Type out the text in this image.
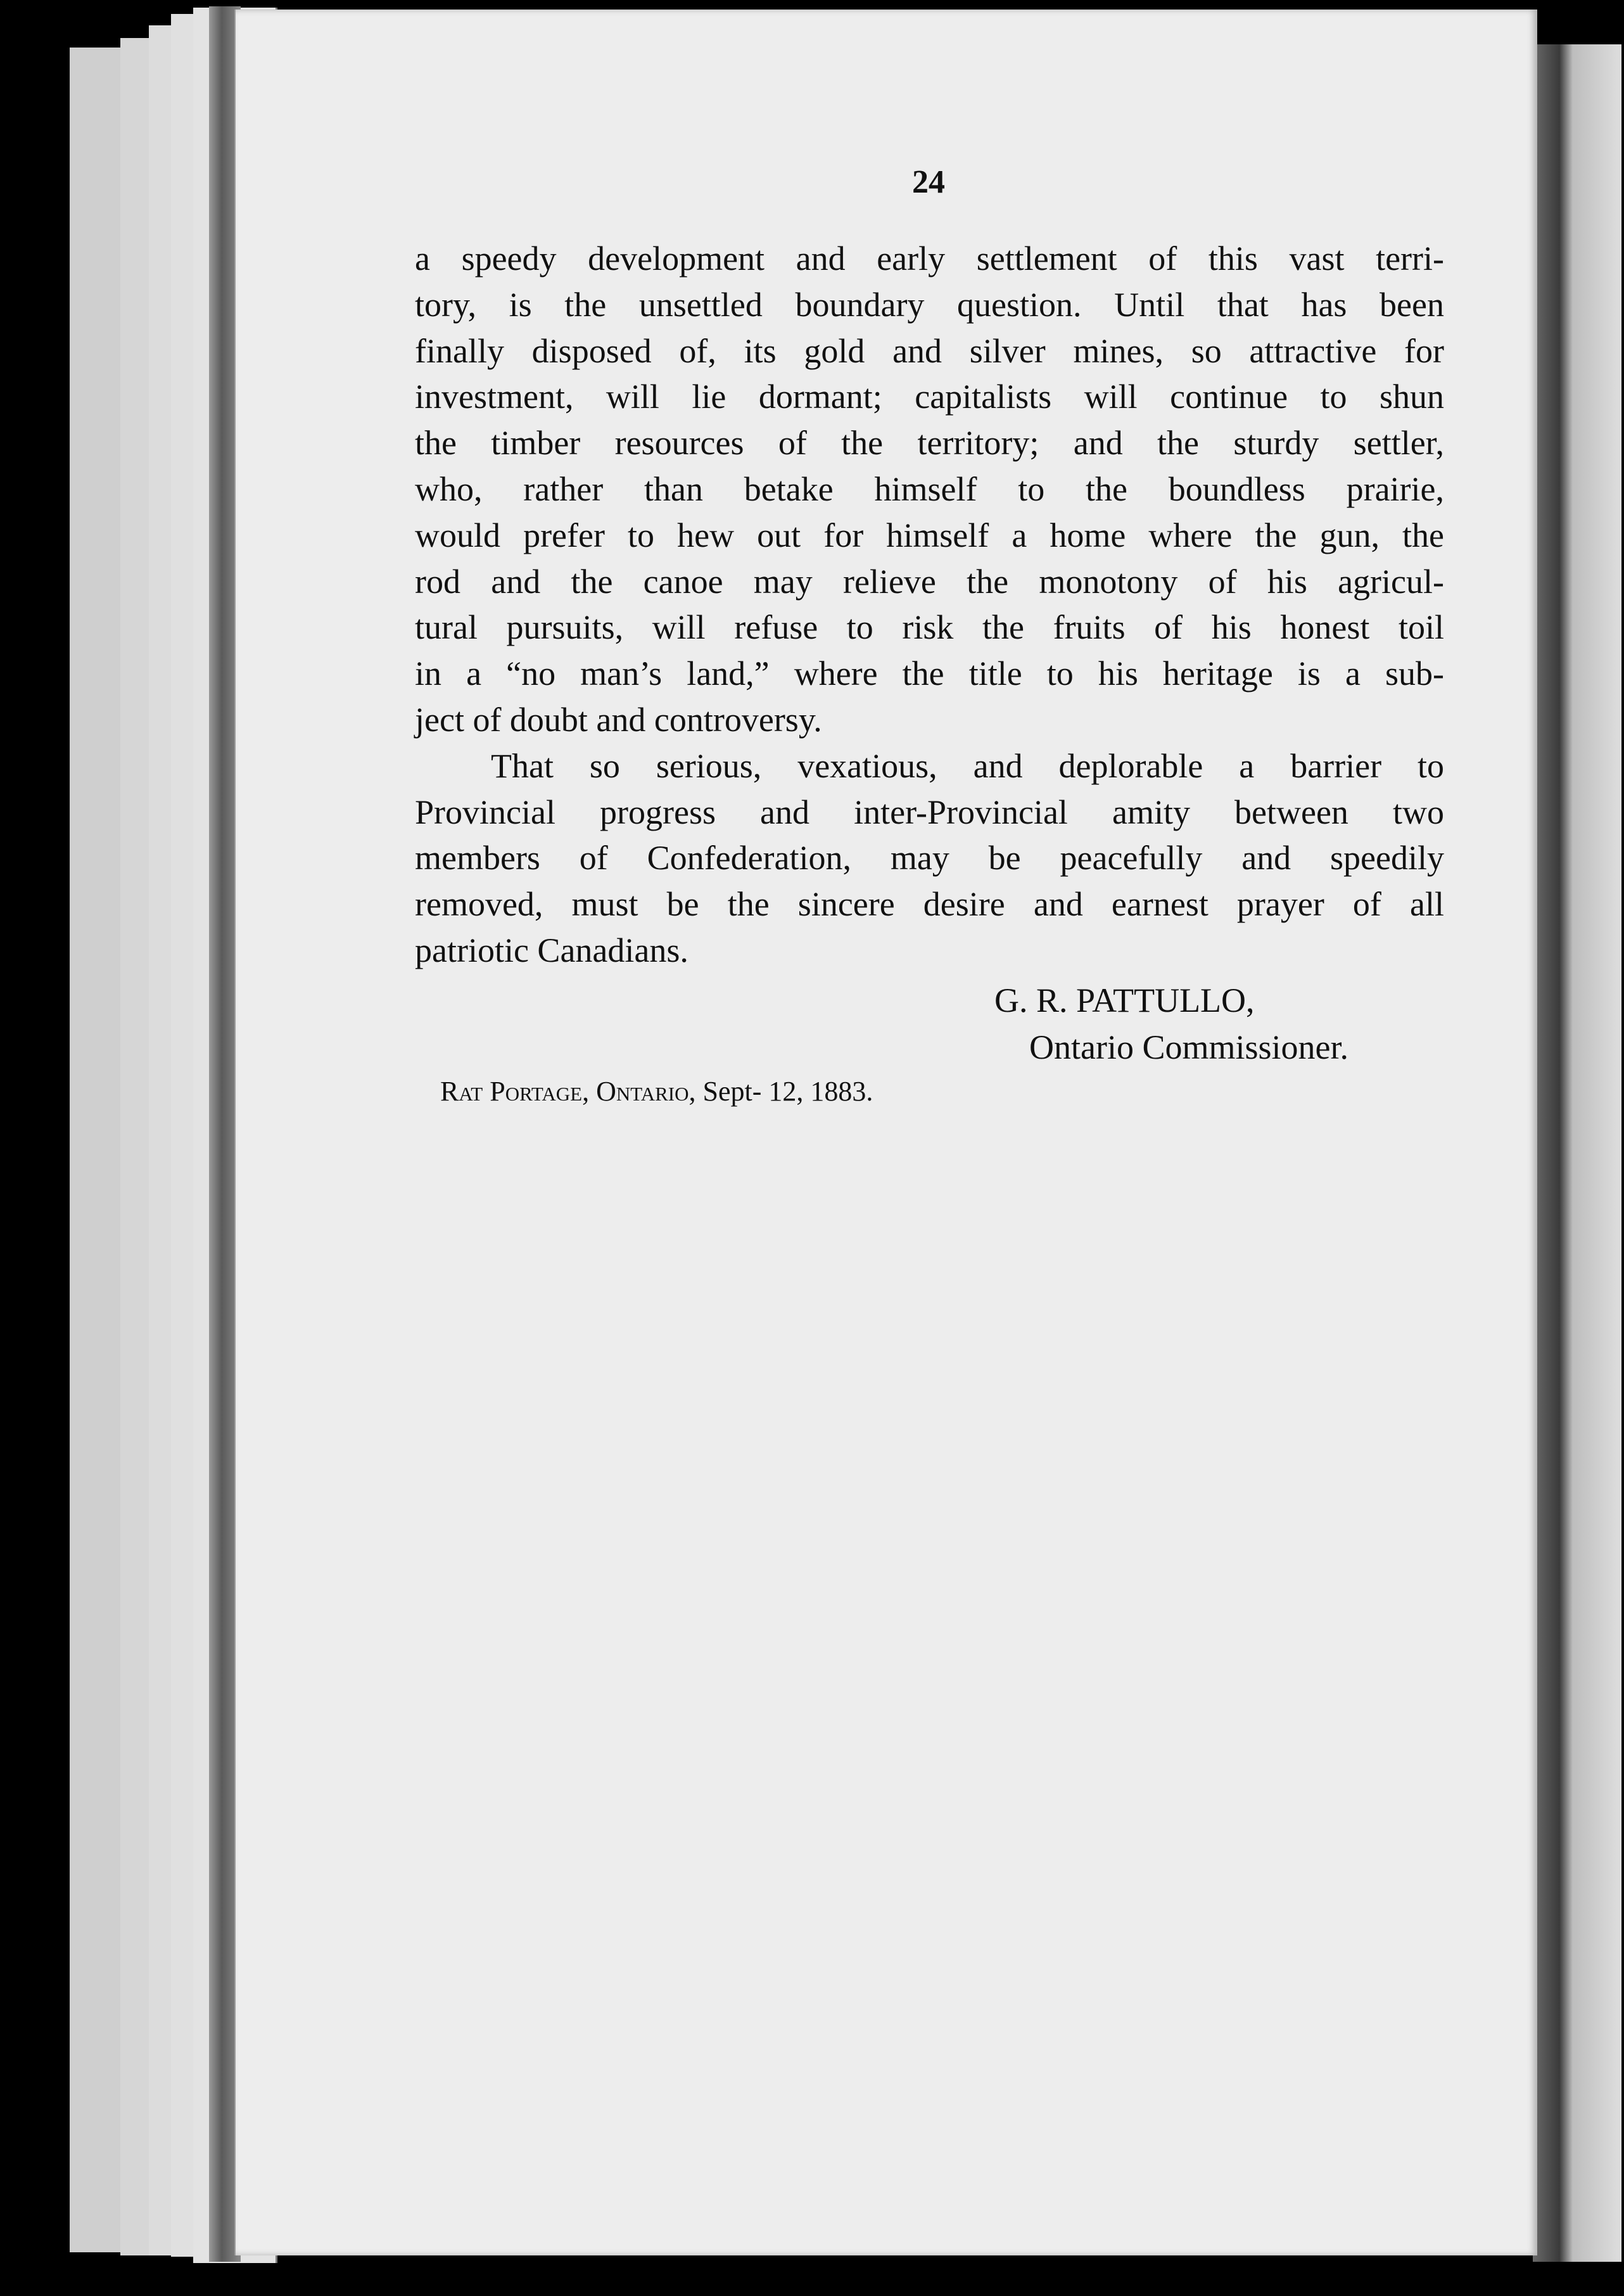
24
a speedy development and early settlement of this vast terri-
tory, is the unsettled boundary question. Until that has been
finally disposed of, its gold and silver mines, so attractive for
investment, will lie dormant; capitalists will continue to shun
the timber resources of the territory; and the sturdy settler,
who, rather than betake himself to the boundless prairie,
would prefer to hew out for himself a home where the gun, the
rod and the canoe may relieve the monotony of his agricul-
tural pursuits, will refuse to risk the fruits of his honest toil
in a “no man’s land,” where the title to his heritage is a sub-
ject of doubt and controversy.
That so serious, vexatious, and deplorable a barrier to
Provincial progress and inter-Provincial amity between two
members of Confederation, may be peacefully and speedily
removed, must be the sincere desire and earnest prayer of all
patriotic Canadians.
G. R. PATTULLO,
Ontario Commissioner.
Rat Portage, Ontario, Sept- 12, 1883.
